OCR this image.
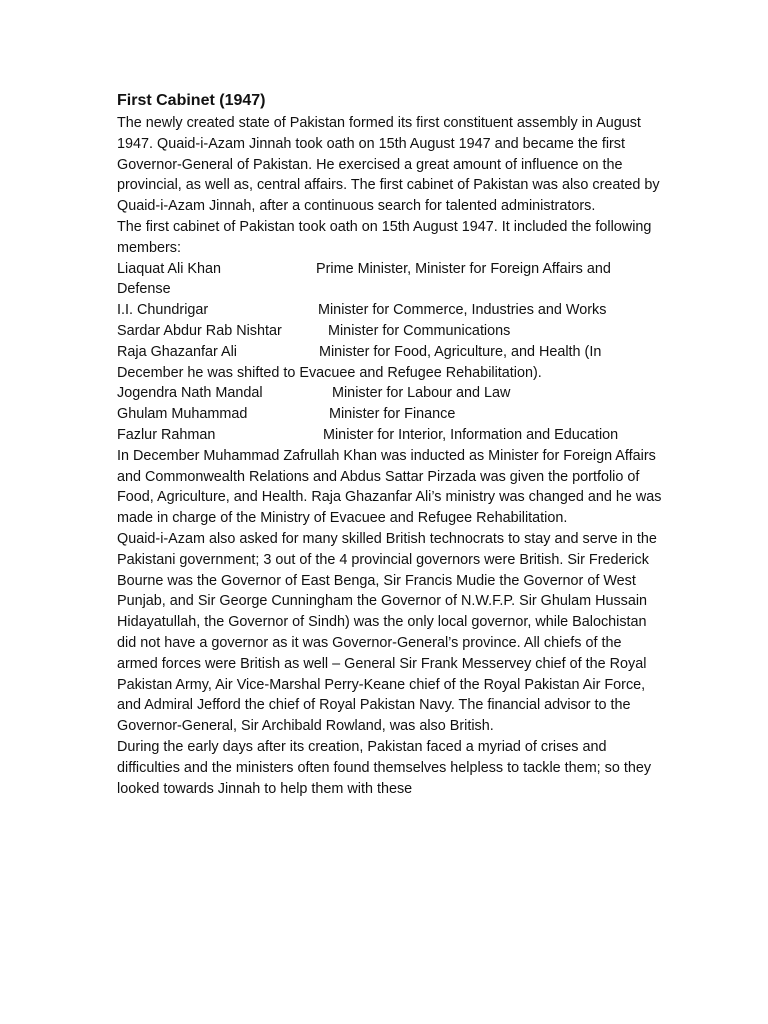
First Cabinet (1947)

The newly created state of Pakistan formed its first constituent assembly in August 1947. Quaid-i-Azam Jinnah took oath on 15th August 1947 and became the first Governor-General of Pakistan. He exercised a great amount of influence on the provincial, as well as, central affairs. The first cabinet of Pakistan was also created by Quaid-i-Azam Jinnah, after a continuous search for talented administrators.

The first cabinet of Pakistan took oath on 15th August 1947. It included the following members:

Liaquat Ali Khan	Prime Minister, Minister for Foreign Affairs and Defense

I.I. Chundrigar	Minister for Commerce, Industries and Works

Sardar Abdur Rab Nishtar	Minister for Communications

Raja Ghazanfar Ali	Minister for Food, Agriculture, and Health (In December he was shifted to Evacuee and Refugee Rehabilitation).

Jogendra Nath Mandal	Minister for Labour and Law

Ghulam Muhammad	Minister for Finance

Fazlur Rahman	Minister for Interior, Information and Education

In December Muhammad Zafrullah Khan was inducted as Minister for Foreign Affairs and Commonwealth Relations and Abdus Sattar Pirzada was given the portfolio of Food, Agriculture, and Health. Raja Ghazanfar Ali’s ministry was changed and he was made in charge of the Ministry of Evacuee and Refugee Rehabilitation.

Quaid-i-Azam also asked for many skilled British technocrats to stay and serve in the Pakistani government; 3 out of the 4 provincial governors were British. Sir Frederick Bourne was the Governor of East Benga, Sir Francis Mudie the Governor of West Punjab, and Sir George Cunningham the Governor of N.W.F.P. Sir Ghulam Hussain Hidayatullah, the Governor of Sindh) was the only local governor, while Balochistan did not have a governor as it was Governor-General’s province. All chiefs of the armed forces were British as well – General Sir Frank Messervey chief of the Royal Pakistan Army, Air Vice-Marshal Perry-Keane chief of the Royal Pakistan Air Force, and Admiral Jefford the chief of Royal Pakistan Navy. The financial advisor to the Governor-General, Sir Archibald Rowland, was also British.

During the early days after its creation, Pakistan faced a myriad of crises and difficulties and the ministers often found themselves helpless to tackle them; so they looked towards Jinnah to help them with these
